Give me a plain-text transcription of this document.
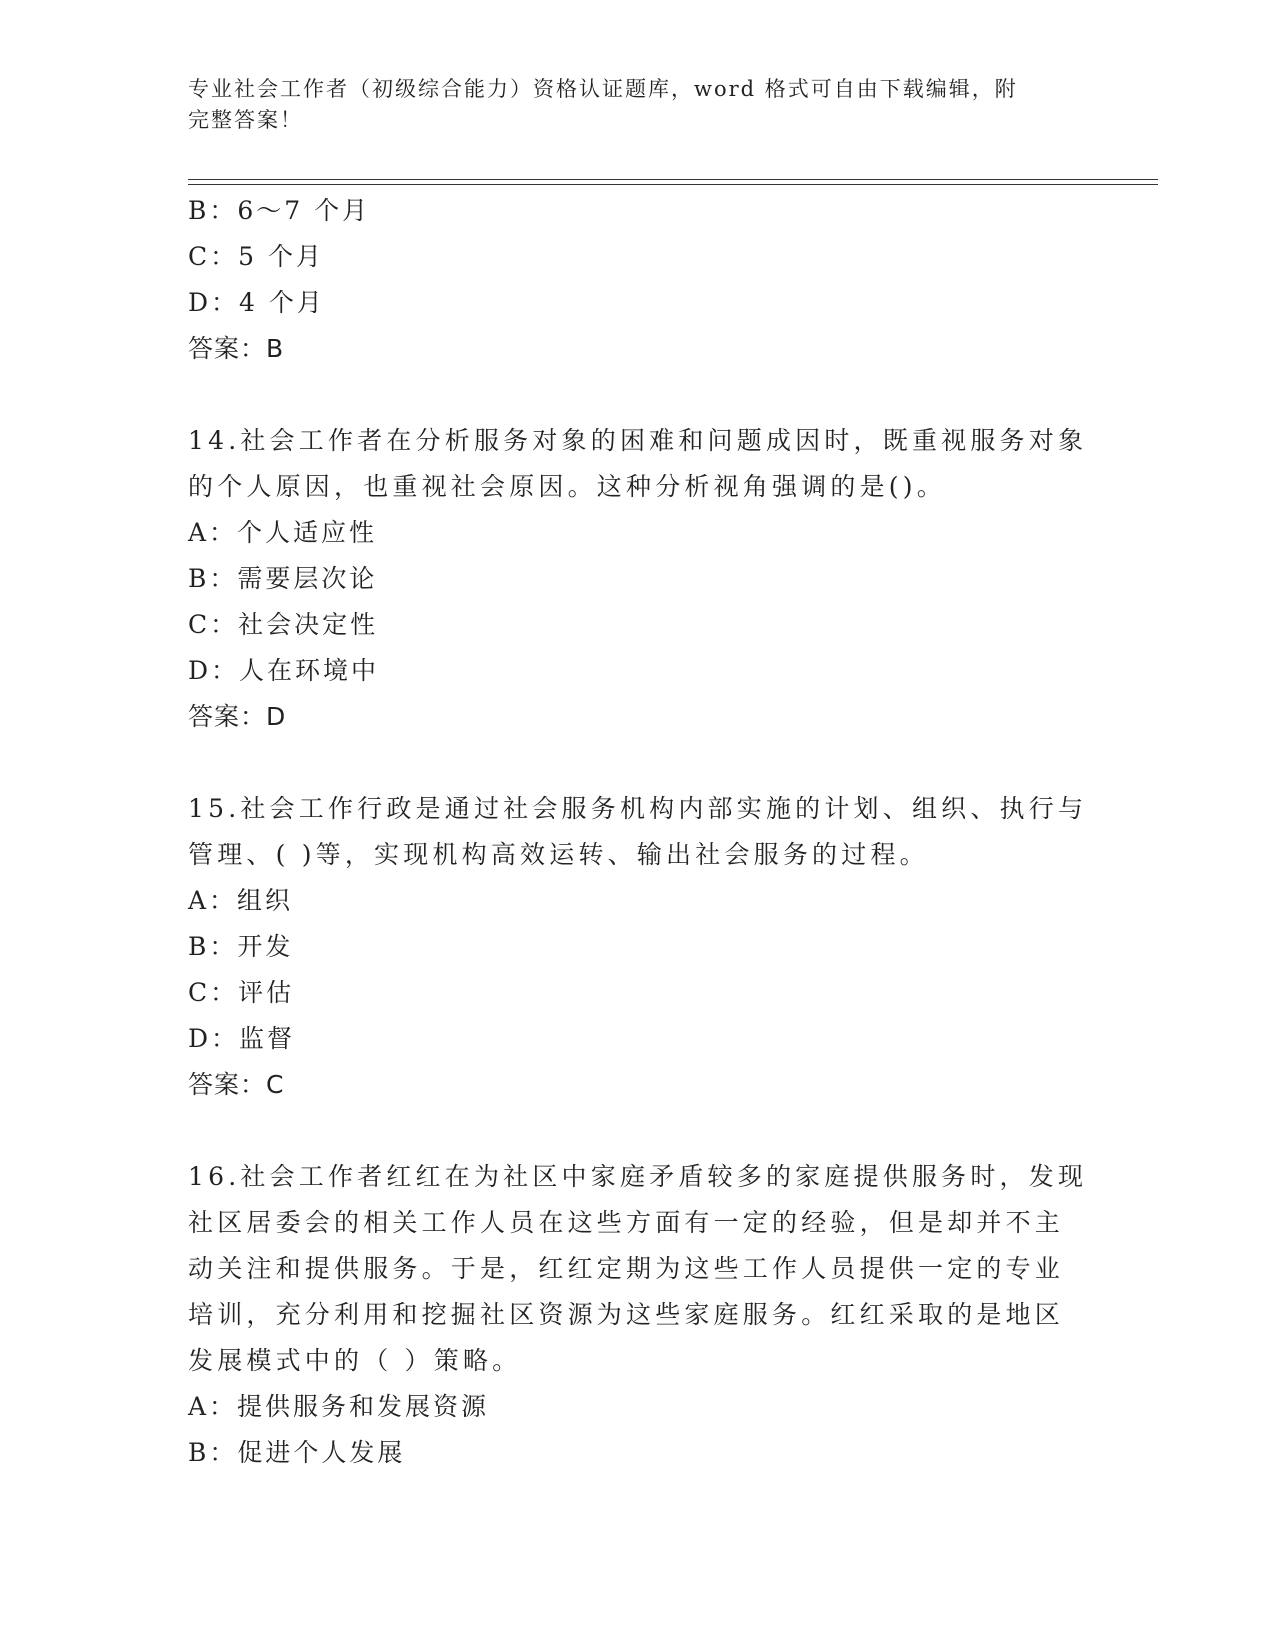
专业社会工作者（初级综合能力）资格认证题库，word 格式可自由下载编辑，附
完整答案！
B：6～7 个月
C：5 个月
D：4 个月
答案：B
14.社会工作者在分析服务对象的困难和问题成因时，既重视服务对象
的个人原因，也重视社会原因。这种分析视角强调的是()。
A：个人适应性
B：需要层次论
C：社会决定性
D：人在环境中
答案：D
15.社会工作行政是通过社会服务机构内部实施的计划、组织、执行与
管理、( )等，实现机构高效运转、输出社会服务的过程。
A：组织
B：开发
C：评估
D：监督
答案：C
16.社会工作者红红在为社区中家庭矛盾较多的家庭提供服务时，发现
社区居委会的相关工作人员在这些方面有一定的经验，但是却并不主
动关注和提供服务。于是，红红定期为这些工作人员提供一定的专业
培训，充分利用和挖掘社区资源为这些家庭服务。红红采取的是地区
发展模式中的（ ）策略。
A：提供服务和发展资源
B：促进个人发展
